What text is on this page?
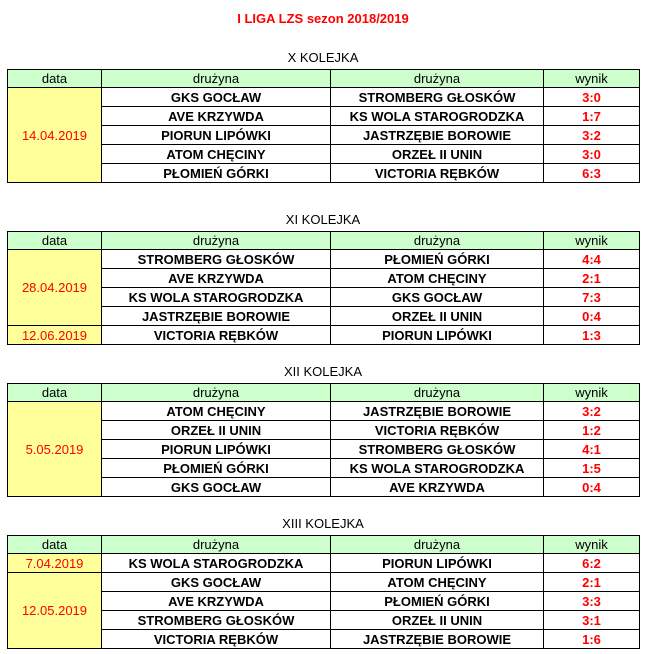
I LIGA LZS sezon 2018/2019
X KOLEJKA
data	drużyna	drużyna	wynik
14.04.2019	GKS GOCŁAW	STROMBERG GŁOSKÓW	3:0
	AVE KRZYWDA	KS WOLA STAROGRODZKA	1:7
	PIORUN LIPÓWKI	JASTRZĘBIE BOROWIE	3:2
	ATOM CHĘCINY	ORZEŁ II UNIN	3:0
	PŁOMIEŃ GÓRKI	VICTORIA RĘBKÓW	6:3
XI KOLEJKA
data	drużyna	drużyna	wynik
28.04.2019	STROMBERG GŁOSKÓW	PŁOMIEŃ GÓRKI	4:4
	AVE KRZYWDA	ATOM CHĘCINY	2:1
	KS WOLA STAROGRODZKA	GKS GOCŁAW	7:3
	JASTRZĘBIE BOROWIE	ORZEŁ II UNIN	0:4
12.06.2019	VICTORIA RĘBKÓW	PIORUN LIPÓWKI	1:3
XII KOLEJKA
data	drużyna	drużyna	wynik
5.05.2019	ATOM CHĘCINY	JASTRZĘBIE BOROWIE	3:2
	ORZEŁ II UNIN	VICTORIA RĘBKÓW	1:2
	PIORUN LIPÓWKI	STROMBERG GŁOSKÓW	4:1
	PŁOMIEŃ GÓRKI	KS WOLA STAROGRODZKA	1:5
	GKS GOCŁAW	AVE KRZYWDA	0:4
XIII KOLEJKA
data	drużyna	drużyna	wynik
7.04.2019	KS WOLA STAROGRODZKA	PIORUN LIPÓWKI	6:2
12.05.2019	GKS GOCŁAW	ATOM CHĘCINY	2:1
	AVE KRZYWDA	PŁOMIEŃ GÓRKI	3:3
	STROMBERG GŁOSKÓW	ORZEŁ II UNIN	3:1
	VICTORIA RĘBKÓW	JASTRZĘBIE BOROWIE	1:6
